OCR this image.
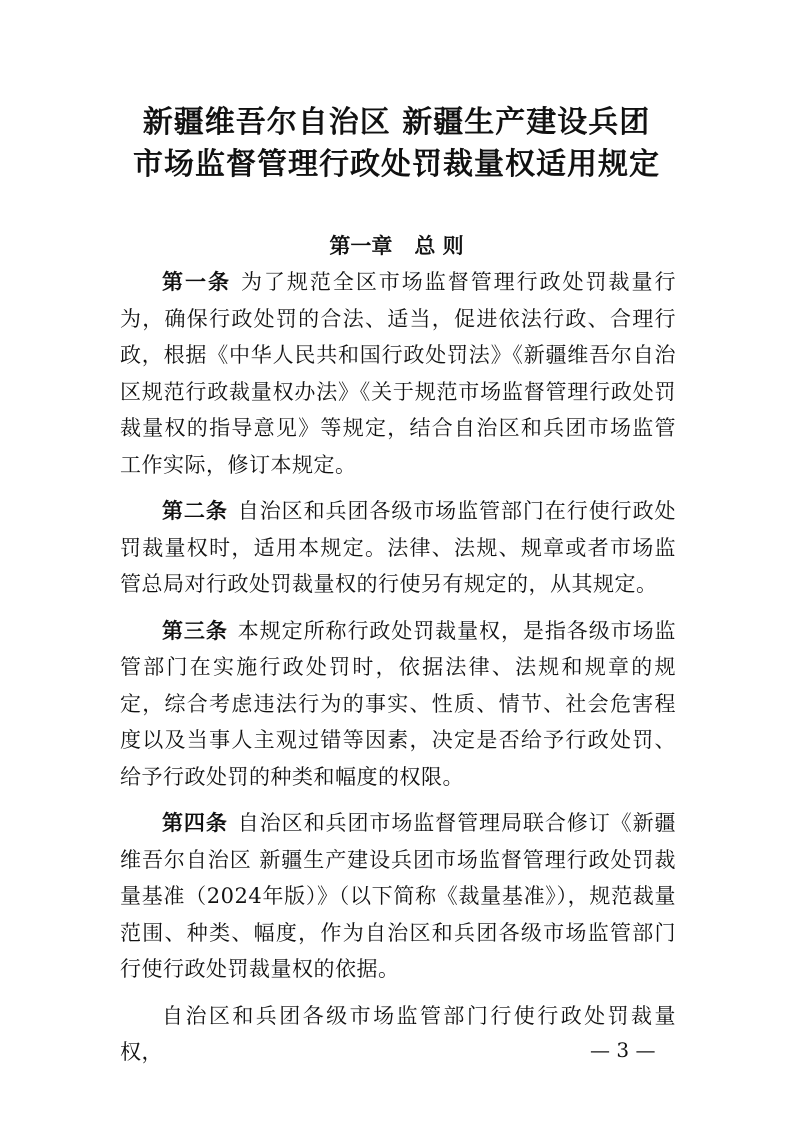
新疆维吾尔自治区 新疆生产建设兵团
市场监督管理行政处罚裁量权适用规定
第一章 总 则

第一条 为了规范全区市场监督管理行政处罚裁量行为，确保行政处罚的合法、适当，促进依法行政、合理行政，根据《中华人民共和国行政处罚法》《新疆维吾尔自治区规范行政裁量权办法》《关于规范市场监督管理行政处罚裁量权的指导意见》等规定，结合自治区和兵团市场监管工作实际，修订本规定。

第二条 自治区和兵团各级市场监管部门在行使行政处罚裁量权时，适用本规定。法律、法规、规章或者市场监管总局对行政处罚裁量权的行使另有规定的，从其规定。

第三条 本规定所称行政处罚裁量权，是指各级市场监管部门在实施行政处罚时，依据法律、法规和规章的规定，综合考虑违法行为的事实、性质、情节、社会危害程度以及当事人主观过错等因素，决定是否给予行政处罚、给予行政处罚的种类和幅度的权限。

第四条 自治区和兵团市场监督管理局联合修订《新疆维吾尔自治区 新疆生产建设兵团市场监督管理行政处罚裁量基准（2024年版）》（以下简称《裁量基准》），规范裁量范围、种类、幅度，作为自治区和兵团各级市场监管部门行使行政处罚裁量权的依据。

自治区和兵团各级市场监管部门行使行政处罚裁量权，	— 3 —
